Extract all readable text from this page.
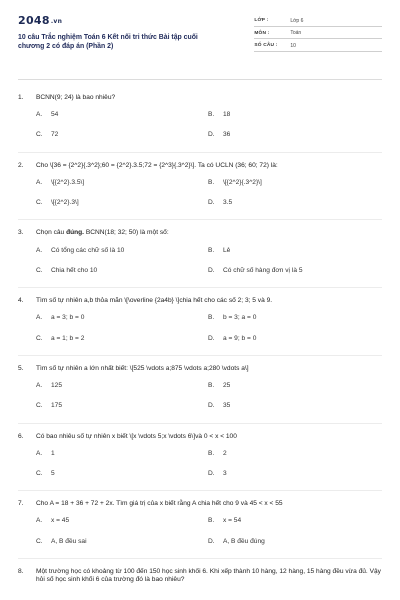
2048.vn
10 câu Trắc nghiệm Toán 6 Kết nối tri thức Bài tập cuối
chương 2 có đáp án (Phần 2)
LỚP :	Lớp 6
MÔN :	Toán
SỐ CÂU :	10
1.	BCNN(9; 24) là bao nhiêu?
A.	54	B.	18
C.	72	D.	36
2.	Cho \[36 = {2^2}{.3^2};60 = {2^2}.3.5;72 = {2^3}{.3^2}\]. Ta có UCLN (36; 60; 72) là:
A.	\[{2^2}.3.5\]	B.	\[{2^2}{.3^2}\]
C.	\[{2^2}.3\]	D.	3.5
3.	Chọn câu đúng. BCNN(18; 32; 50) là một số:
A.	Có tổng các chữ số là 10	B.	Lẻ
C.	Chia hết cho 10	D.	Có chữ số hàng đơn vị là 5
4.	Tìm số tự nhiên a,b thỏa mãn \[\overline {2a4b} \]chia hết cho các số 2; 3; 5 và 9.
A.	a = 3; b = 0	B.	b = 3; a = 0
C.	a = 1; b = 2	D.	a = 9; b = 0
5.	Tìm số tự nhiên a lớn nhất biết: \[525 \vdots a;875 \vdots a;280 \vdots a\]
A.	125	B.	25
C.	175	D.	35
6.	Có bao nhiêu số tự nhiên x biết \[x \vdots 5;x \vdots 6\]và 0 < x < 100
A.	1	B.	2
C.	5	D.	3
7.	Cho A = 18 + 36 + 72 + 2x. Tìm giá trị của x biết rằng A chia hết cho 9 và 45 < x < 55
A.	x = 45	B.	x = 54
C.	A, B đều sai	D.	A, B đều đúng
8.	Một trường học có khoảng từ 100 đến 150 học sinh khối 6. Khi xếp thành 10 hàng, 12 hàng, 15 hàng đều vừa đủ. Vậy hỏi số học sinh khối 6 của trường đó là bao nhiêu?
